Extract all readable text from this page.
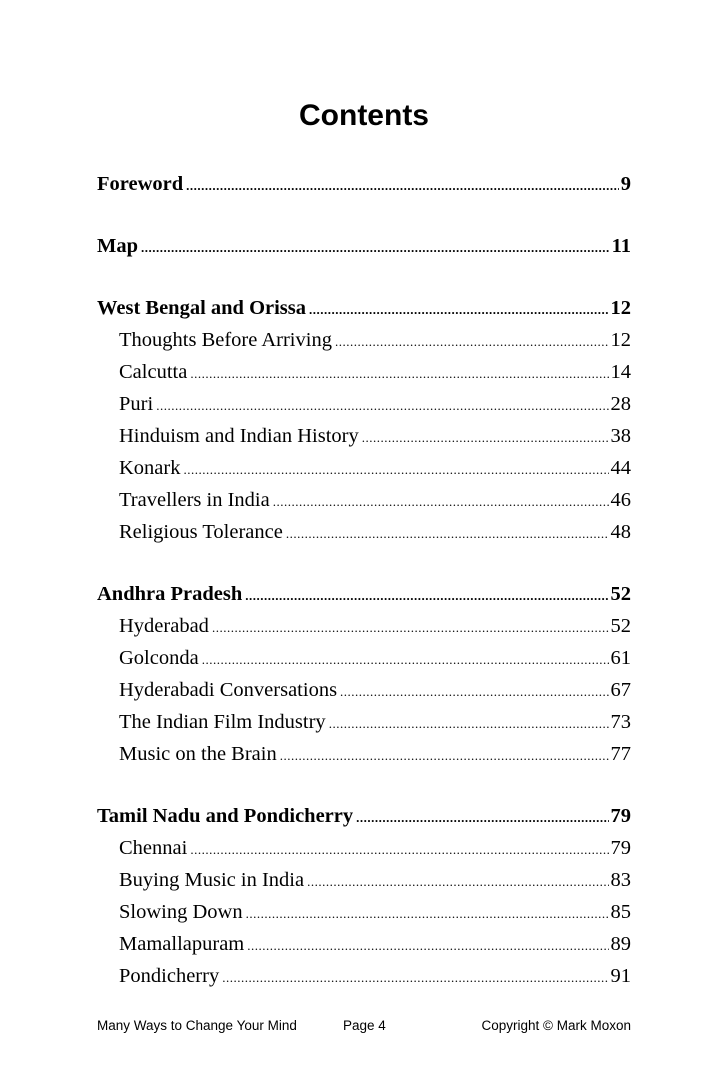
Contents
Foreword .....	9
Map .....	11
West Bengal and Orissa .....	12
Thoughts Before Arriving .....	12
Calcutta .....	14
Puri .....	28
Hinduism and Indian History .....	38
Konark .....	44
Travellers in India .....	46
Religious Tolerance .....	48
Andhra Pradesh .....	52
Hyderabad .....	52
Golconda .....	61
Hyderabadi Conversations .....	67
The Indian Film Industry .....	73
Music on the Brain .....	77
Tamil Nadu and Pondicherry .....	79
Chennai .....	79
Buying Music in India .....	83
Slowing Down .....	85
Mamallapuram .....	89
Pondicherry .....	91
Many Ways to Change Your Mind	Page 4	Copyright © Mark Moxon
